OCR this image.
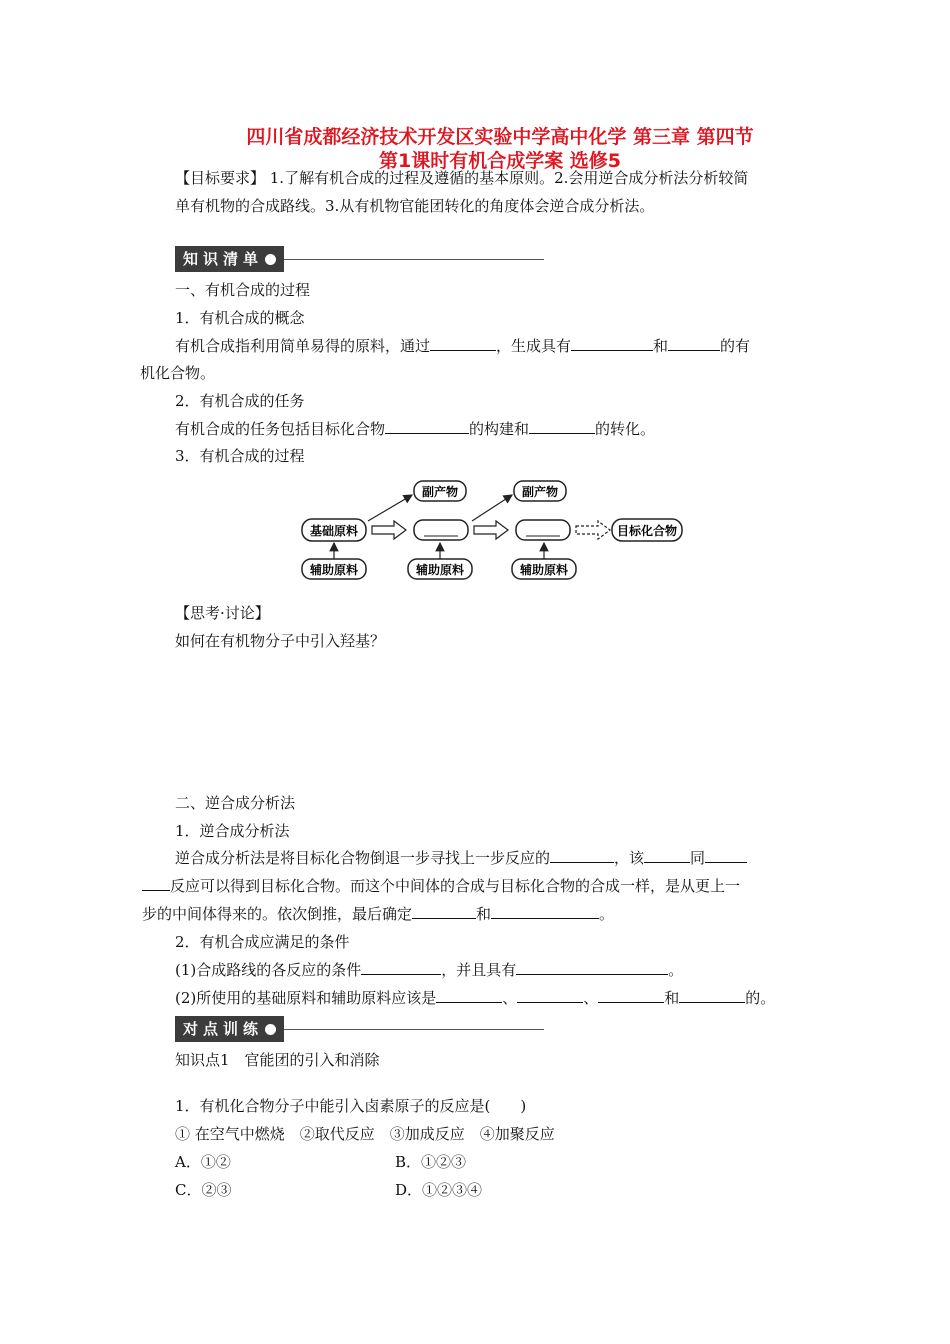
四川省成都经济技术开发区实验中学高中化学 第三章 第四节
第1课时有机合成学案 选修5
【目标要求】 1.了解有机合成的过程及遵循的基本原则。2.会用逆合成分析法分析较简
单有机物的合成路线。3.从有机物官能团转化的角度体会逆合成分析法。
知识清单
一、有机合成的过程
1．有机合成的概念
有机合成指利用简单易得的原料，通过	，生成具有	和	的有
机化合物。
2．有机合成的任务
有机合成的任务包括目标化合物	的构建和	的转化。
3．有机合成的过程
基础原料
辅助原料
副产物
辅助原料
副产物
辅助原料
目标化合物
【思考·讨论】
如何在有机物分子中引入羟基？
二、逆合成分析法
1．逆合成分析法
逆合成分析法是将目标化合物倒退一步寻找上一步反应的	，该	同
反应可以得到目标化合物。而这个中间体的合成与目标化合物的合成一样，是从更上一
步的中间体得来的。依次倒推，最后确定	和	。
2．有机合成应满足的条件
(1)合成路线的各反应的条件	，并且具有	。
(2)所使用的基础原料和辅助原料应该是	、	、	和	的。
对点训练
知识点1　官能团的引入和消除
1．有机化合物分子中能引入卤素原子的反应是(　　)
① 在空气中燃烧　②取代反应　③加成反应　④加聚反应
A．①②	B．①②③
C．②③	D．①②③④
